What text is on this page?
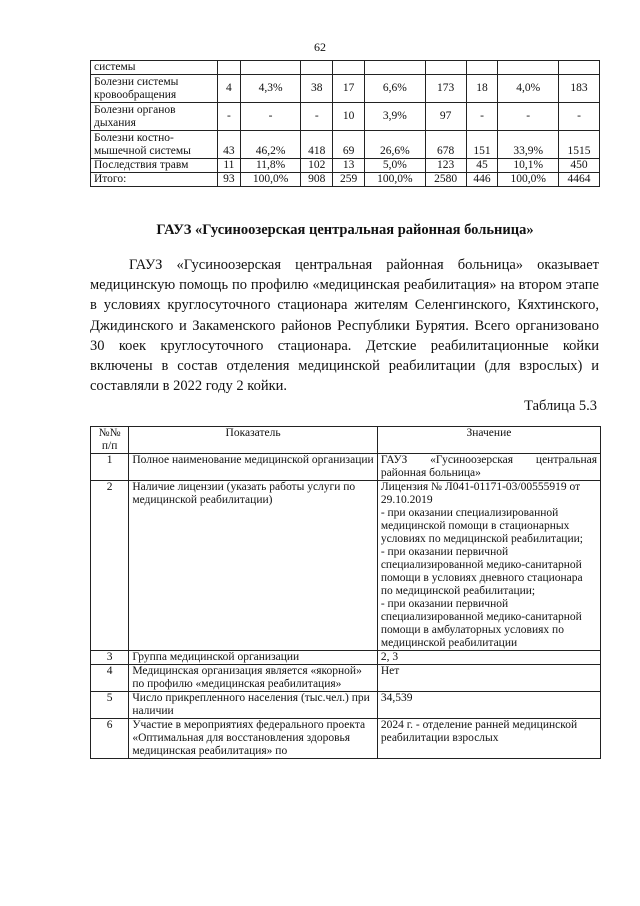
62
системы									
Болезни системы кровообращения	4	4,3%	38	17	6,6%	173	18	4,0%	183
Болезни органов дыхания	-	-	-	10	3,9%	97	-	-	-
Болезни костно-мышечной системы	43	46,2%	418	69	26,6%	678	151	33,9%	1515
Последствия травм	11	11,8%	102	13	5,0%	123	45	10,1%	450
Итого:	93	100,0%	908	259	100,0%	2580	446	100,0%	4464
ГАУЗ «Гусиноозерская центральная районная больница»

ГАУЗ «Гусиноозерская центральная районная больница» оказывает медицинскую помощь по профилю «медицинская реабилитация» на втором этапе в условиях круглосуточного стационара жителям Селенгинского, Кяхтинского, Джидинского и Закаменского районов Республики Бурятия. Всего организовано 30 коек круглосуточного стационара. Детские реабилитационные койки включены в состав отделения медицинской реабилитации (для взрослых) и составляли в 2022 году 2 койки.

Таблица 5.3
№№ п/п	Показатель	Значение
1	Полное наименование медицинской организации	ГАУЗ «Гусиноозерская центральная районная больница»
2	Наличие лицензии (указать работы услуги по медицинской реабилитации)	Лицензия № Л041-01171-03/00555919 от 29.10.2019
- при оказании специализированной медицинской помощи в стационарных условиях по медицинской реабилитации;
- при оказании первичной специализированной медико-санитарной помощи в условиях дневного стационара по медицинской реабилитации;
- при оказании первичной специализированной медико-санитарной помощи в амбулаторных условиях по медицинской реабилитации
3	Группа медицинской организации	2, 3
4	Медицинская организация является «якорной» по профилю «медицинская реабилитация»	Нет
5	Число прикрепленного населения (тыс.чел.) при наличии	34,539
6	Участие в мероприятиях федерального проекта «Оптимальная для восстановления здоровья медицинская реабилитация» по	2024 г. - отделение ранней медицинской реабилитации взрослых
